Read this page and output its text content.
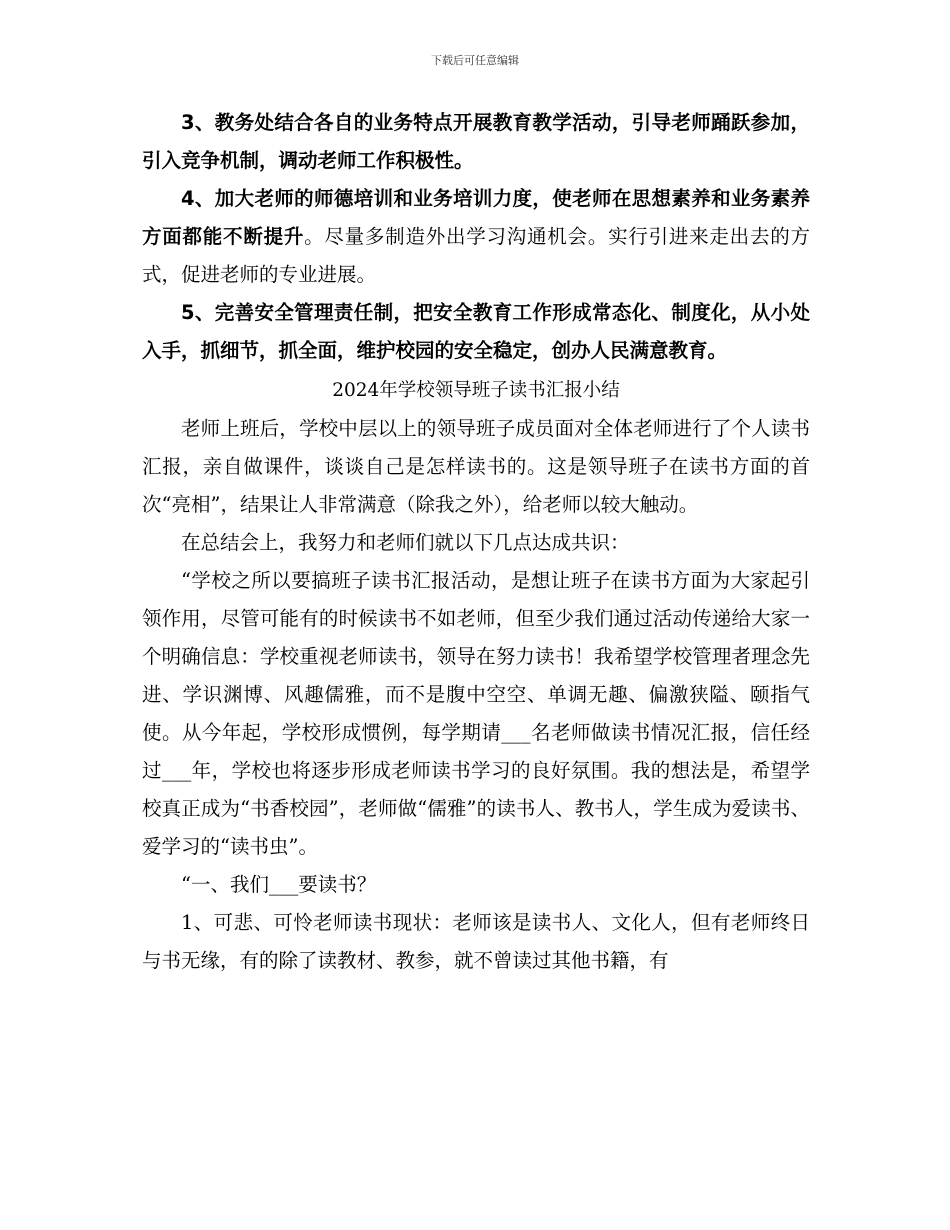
下载后可任意编辑

3、教务处结合各自的业务特点开展教育教学活动，引导老师踊跃参加，引入竞争机制，调动老师工作积极性。

4、加大老师的师德培训和业务培训力度，使老师在思想素养和业务素养方面都能不断提升。尽量多制造外出学习沟通机会。实行引进来走出去的方式，促进老师的专业进展。

5、完善安全管理责任制，把安全教育工作形成常态化、制度化，从小处入手，抓细节，抓全面，维护校园的安全稳定，创办人民满意教育。

2024年学校领导班子读书汇报小结

老师上班后，学校中层以上的领导班子成员面对全体老师进行了个人读书汇报，亲自做课件，谈谈自己是怎样读书的。这是领导班子在读书方面的首次“亮相”，结果让人非常满意（除我之外），给老师以较大触动。

在总结会上，我努力和老师们就以下几点达成共识：

“学校之所以要搞班子读书汇报活动，是想让班子在读书方面为大家起引领作用，尽管可能有的时候读书不如老师，但至少我们通过活动传递给大家一个明确信息：学校重视老师读书，领导在努力读书！我希望学校管理者理念先进、学识渊博、风趣儒雅，而不是腹中空空、单调无趣、偏激狭隘、颐指气使。从今年起，学校形成惯例，每学期请___名老师做读书情况汇报，信任经过___年，学校也将逐步形成老师读书学习的良好氛围。我的想法是，希望学校真正成为“书香校园”，老师做“儒雅”的读书人、教书人，学生成为爱读书、爱学习的“读书虫”。

“一、我们___要读书？

1、可悲、可怜老师读书现状：老师该是读书人、文化人，但有老师终日与书无缘，有的除了读教材、教参，就不曾读过其他书籍，有
